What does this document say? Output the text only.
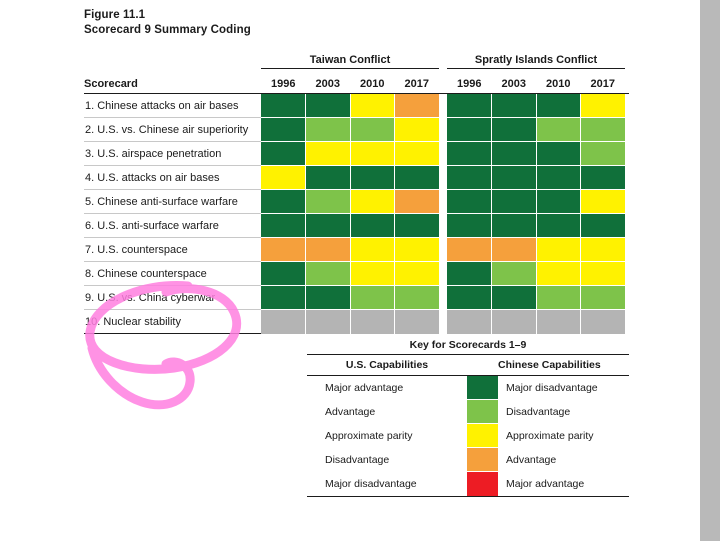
Figure 11.1
Scorecard 9 Summary Coding
Taiwan Conflict	Spratly Islands Conflict
Scorecard	1996	2003	2010	2017	1996	2003	2010	2017
1. Chinese attacks on air bases
2. U.S. vs. Chinese air superiority
3. U.S. airspace penetration
4. U.S. attacks on air bases
5. Chinese anti-surface warfare
6. U.S. anti-surface warfare
7. U.S. counterspace
8. Chinese counterspace
9. U.S. vs. China cyberwar
10. Nuclear stability
Key for Scorecards 1–9
U.S. Capabilities	Chinese Capabilities
Major advantage	Major disadvantage
Advantage	Disadvantage
Approximate parity	Approximate parity
Disadvantage	Advantage
Major disadvantage	Major advantage
